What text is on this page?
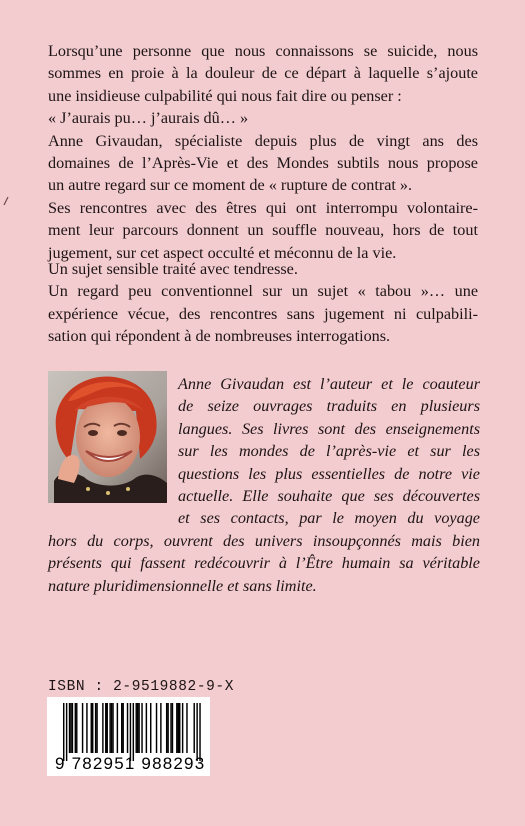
Lorsqu’une personne que nous connaissons se suicide, nous
sommes en proie à la douleur de ce départ à laquelle s’ajoute
une insidieuse culpabilité qui nous fait dire ou penser :
« J’aurais pu… j’aurais dû… »
Anne Givaudan, spécialiste depuis plus de vingt ans des
domaines de l’Après-Vie et des Mondes subtils nous propose
un autre regard sur ce moment de « rupture de contrat ».
Ses rencontres avec des êtres qui ont interrompu volontaire-
ment leur parcours donnent un souffle nouveau, hors de tout
jugement, sur cet aspect occulté et méconnu de la vie.
Un sujet sensible traité avec tendresse.
Un regard peu conventionnel sur un sujet « tabou »… une
expérience vécue, des rencontres sans jugement ni culpabili-
sation qui répondent à de nombreuses interrogations.
Anne Givaudan est l’auteur et le coauteur
de seize ouvrages traduits en plusieurs
langues. Ses livres sont des enseignements
sur les mondes de l’après-vie et sur les
questions les plus essentielles de notre vie
actuelle. Elle souhaite que ses découvertes
et ses contacts, par le moyen du voyage
hors du corps, ouvrent des univers insoupçonnés mais bien
présents qui fassent redécouvrir à l’Être humain sa véritable
nature pluridimensionnelle et sans limite.
ISBN : 2-9519882-9-X
9 782951 988293
